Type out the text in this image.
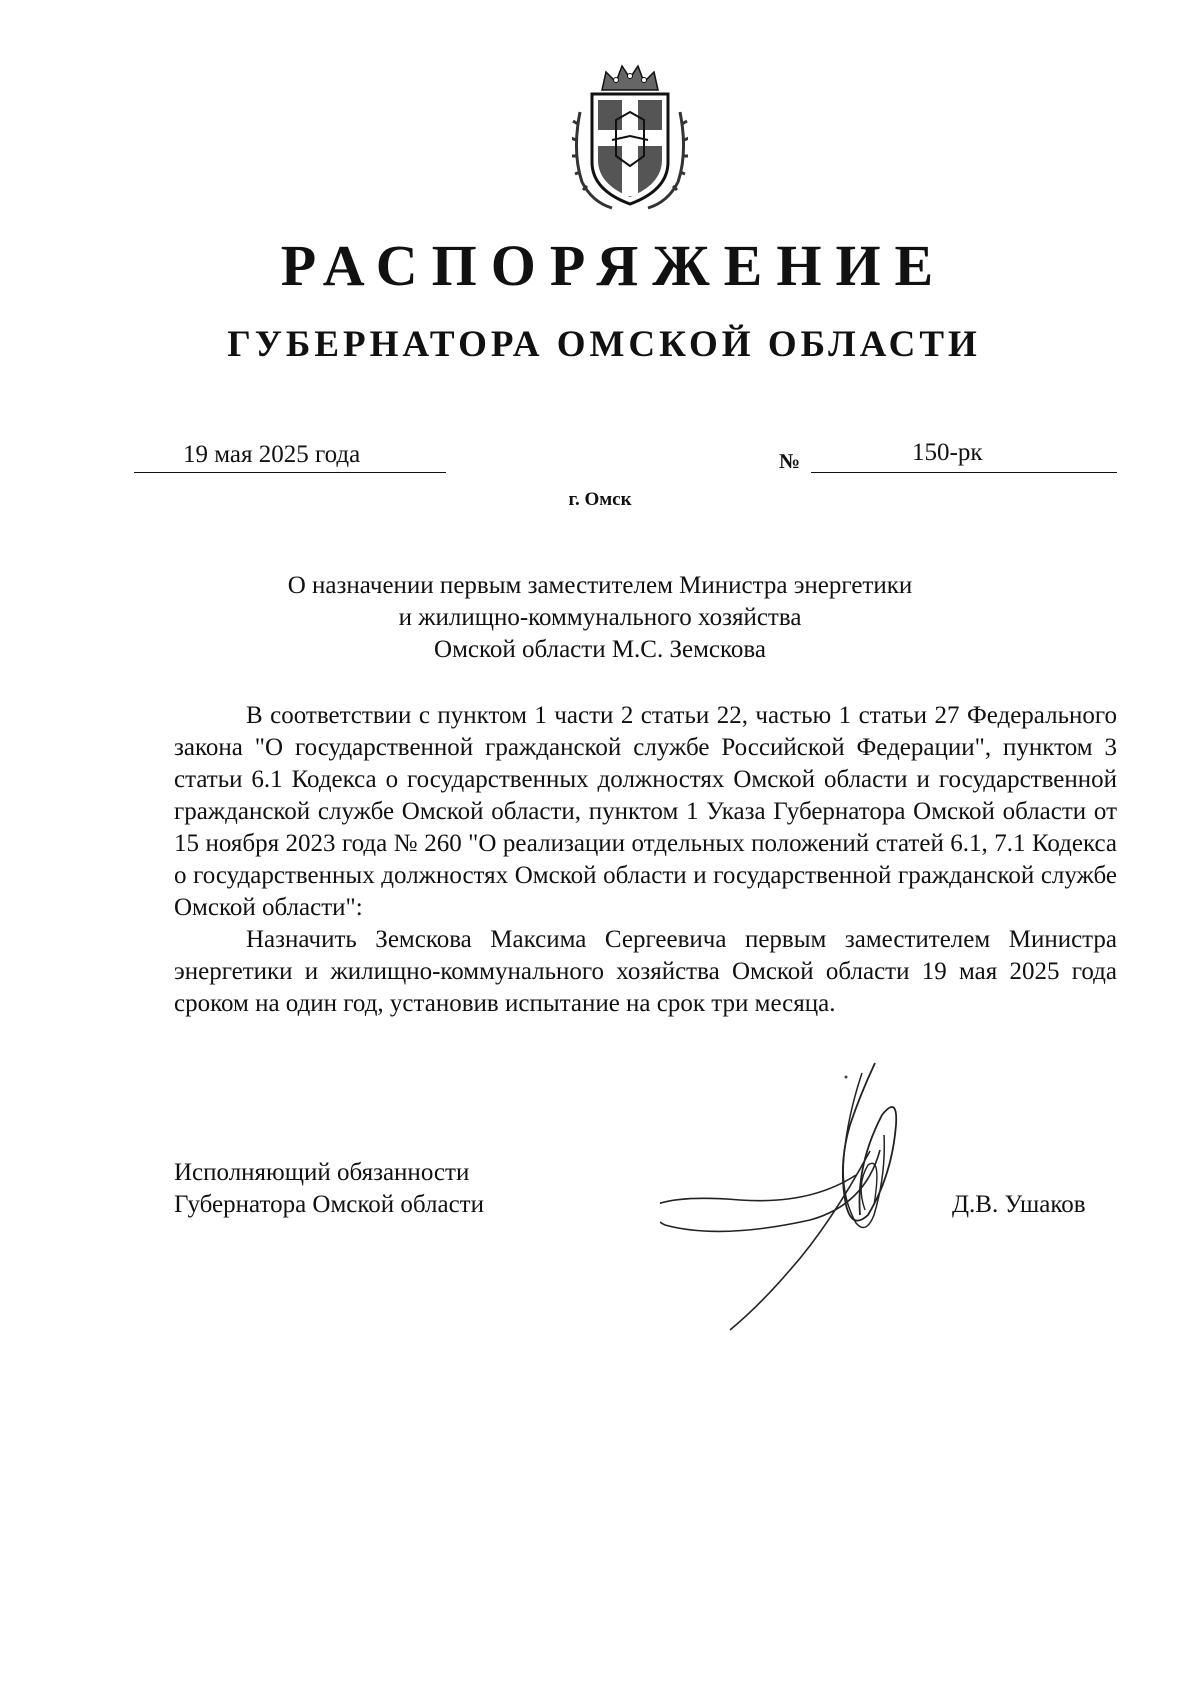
РАСПОРЯЖЕНИЕ
ГУБЕРНАТОРА ОМСКОЙ ОБЛАСТИ
19 мая 2025 года	№	150-рк
г. Омск
О назначении первым заместителем Министра энергетики
и жилищно-коммунального хозяйства
Омской области М.С. Земскова
В соответствии с пунктом 1 части 2 статьи 22, частью 1 статьи 27 Федерального закона "О государственной гражданской службе Российской Федерации", пунктом 3 статьи 6.1 Кодекса о государственных должностях Омской области и государственной гражданской службе Омской области, пунктом 1 Указа Губернатора Омской области от 15 ноября 2023 года № 260 "О реализации отдельных положений статей 6.1, 7.1 Кодекса о государственных должностях Омской области и государственной гражданской службе Омской области":
Назначить Земскова Максима Сергеевича первым заместителем Министра энергетики и жилищно-коммунального хозяйства Омской области 19 мая 2025 года сроком на один год, установив испытание на срок три месяца.
Исполняющий обязанности
Губернатора Омской области	Д.В. Ушаков
